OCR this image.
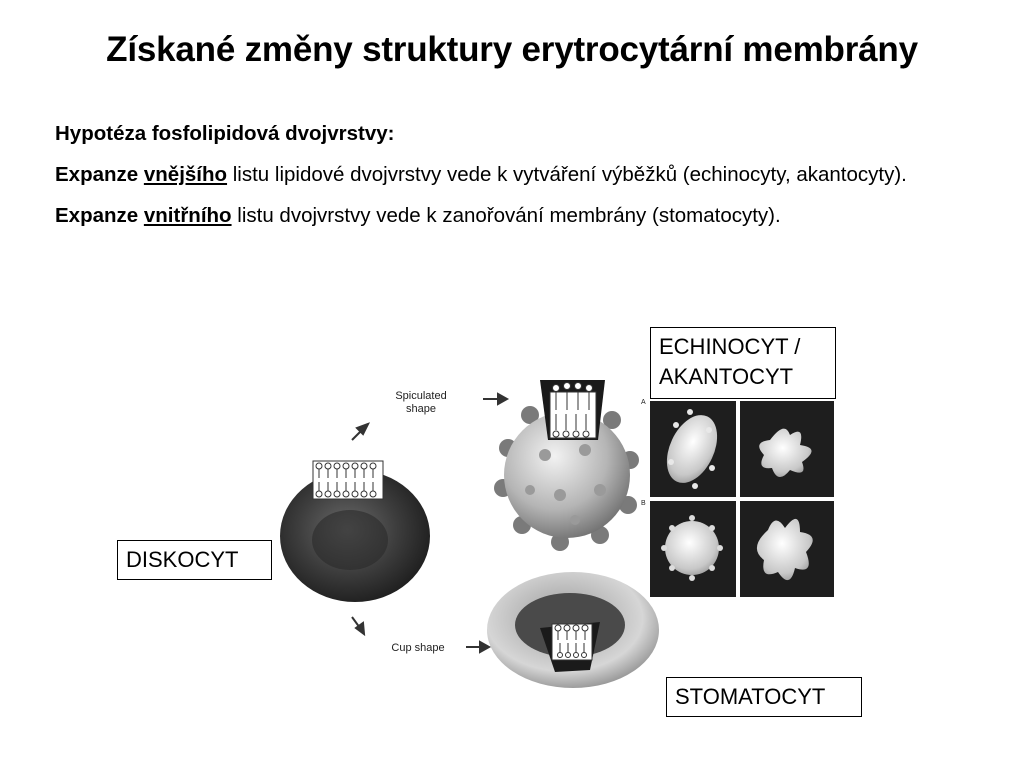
Získané změny struktury erytrocytární membrány

Hypotéza fosfolipidová dvojvrstvy:

Expanze vnějšího listu lipidové dvojvrstvy vede k vytváření výběžků (echinocyty, akantocyty).

Expanze vnitřního listu dvojvrstvy vede k zanořování membrány (stomatocyty).

Spiculated
shape
Cup shape
A
B
ECHINOCYT /
AKANTOCYT
DISKOCYT
STOMATOCYT
